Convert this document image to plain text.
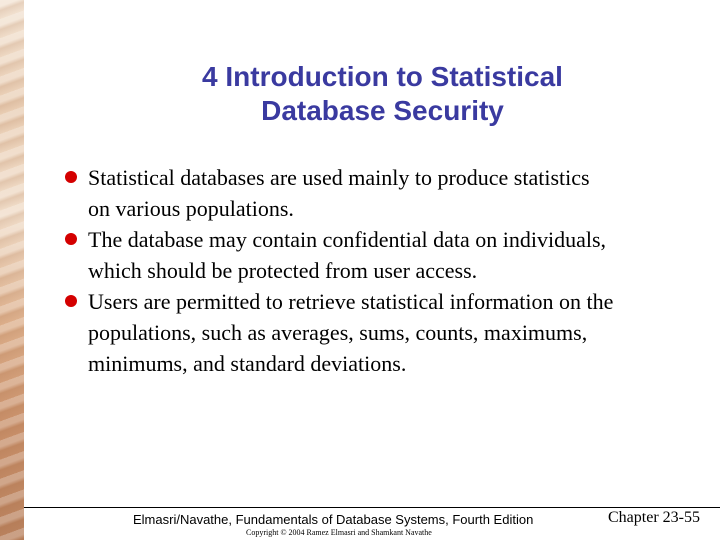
4 Introduction to Statistical
Database Security
Statistical databases are used mainly to produce statistics
on various populations.
The database may contain confidential data on individuals,
which should be protected from user access.
Users are permitted to retrieve statistical information on the
populations, such as averages, sums, counts, maximums,
minimums, and standard deviations.
Elmasri/Navathe, Fundamentals of Database Systems, Fourth Edition
Copyright © 2004 Ramez Elmasri and Shamkant Navathe
Chapter 23-55
